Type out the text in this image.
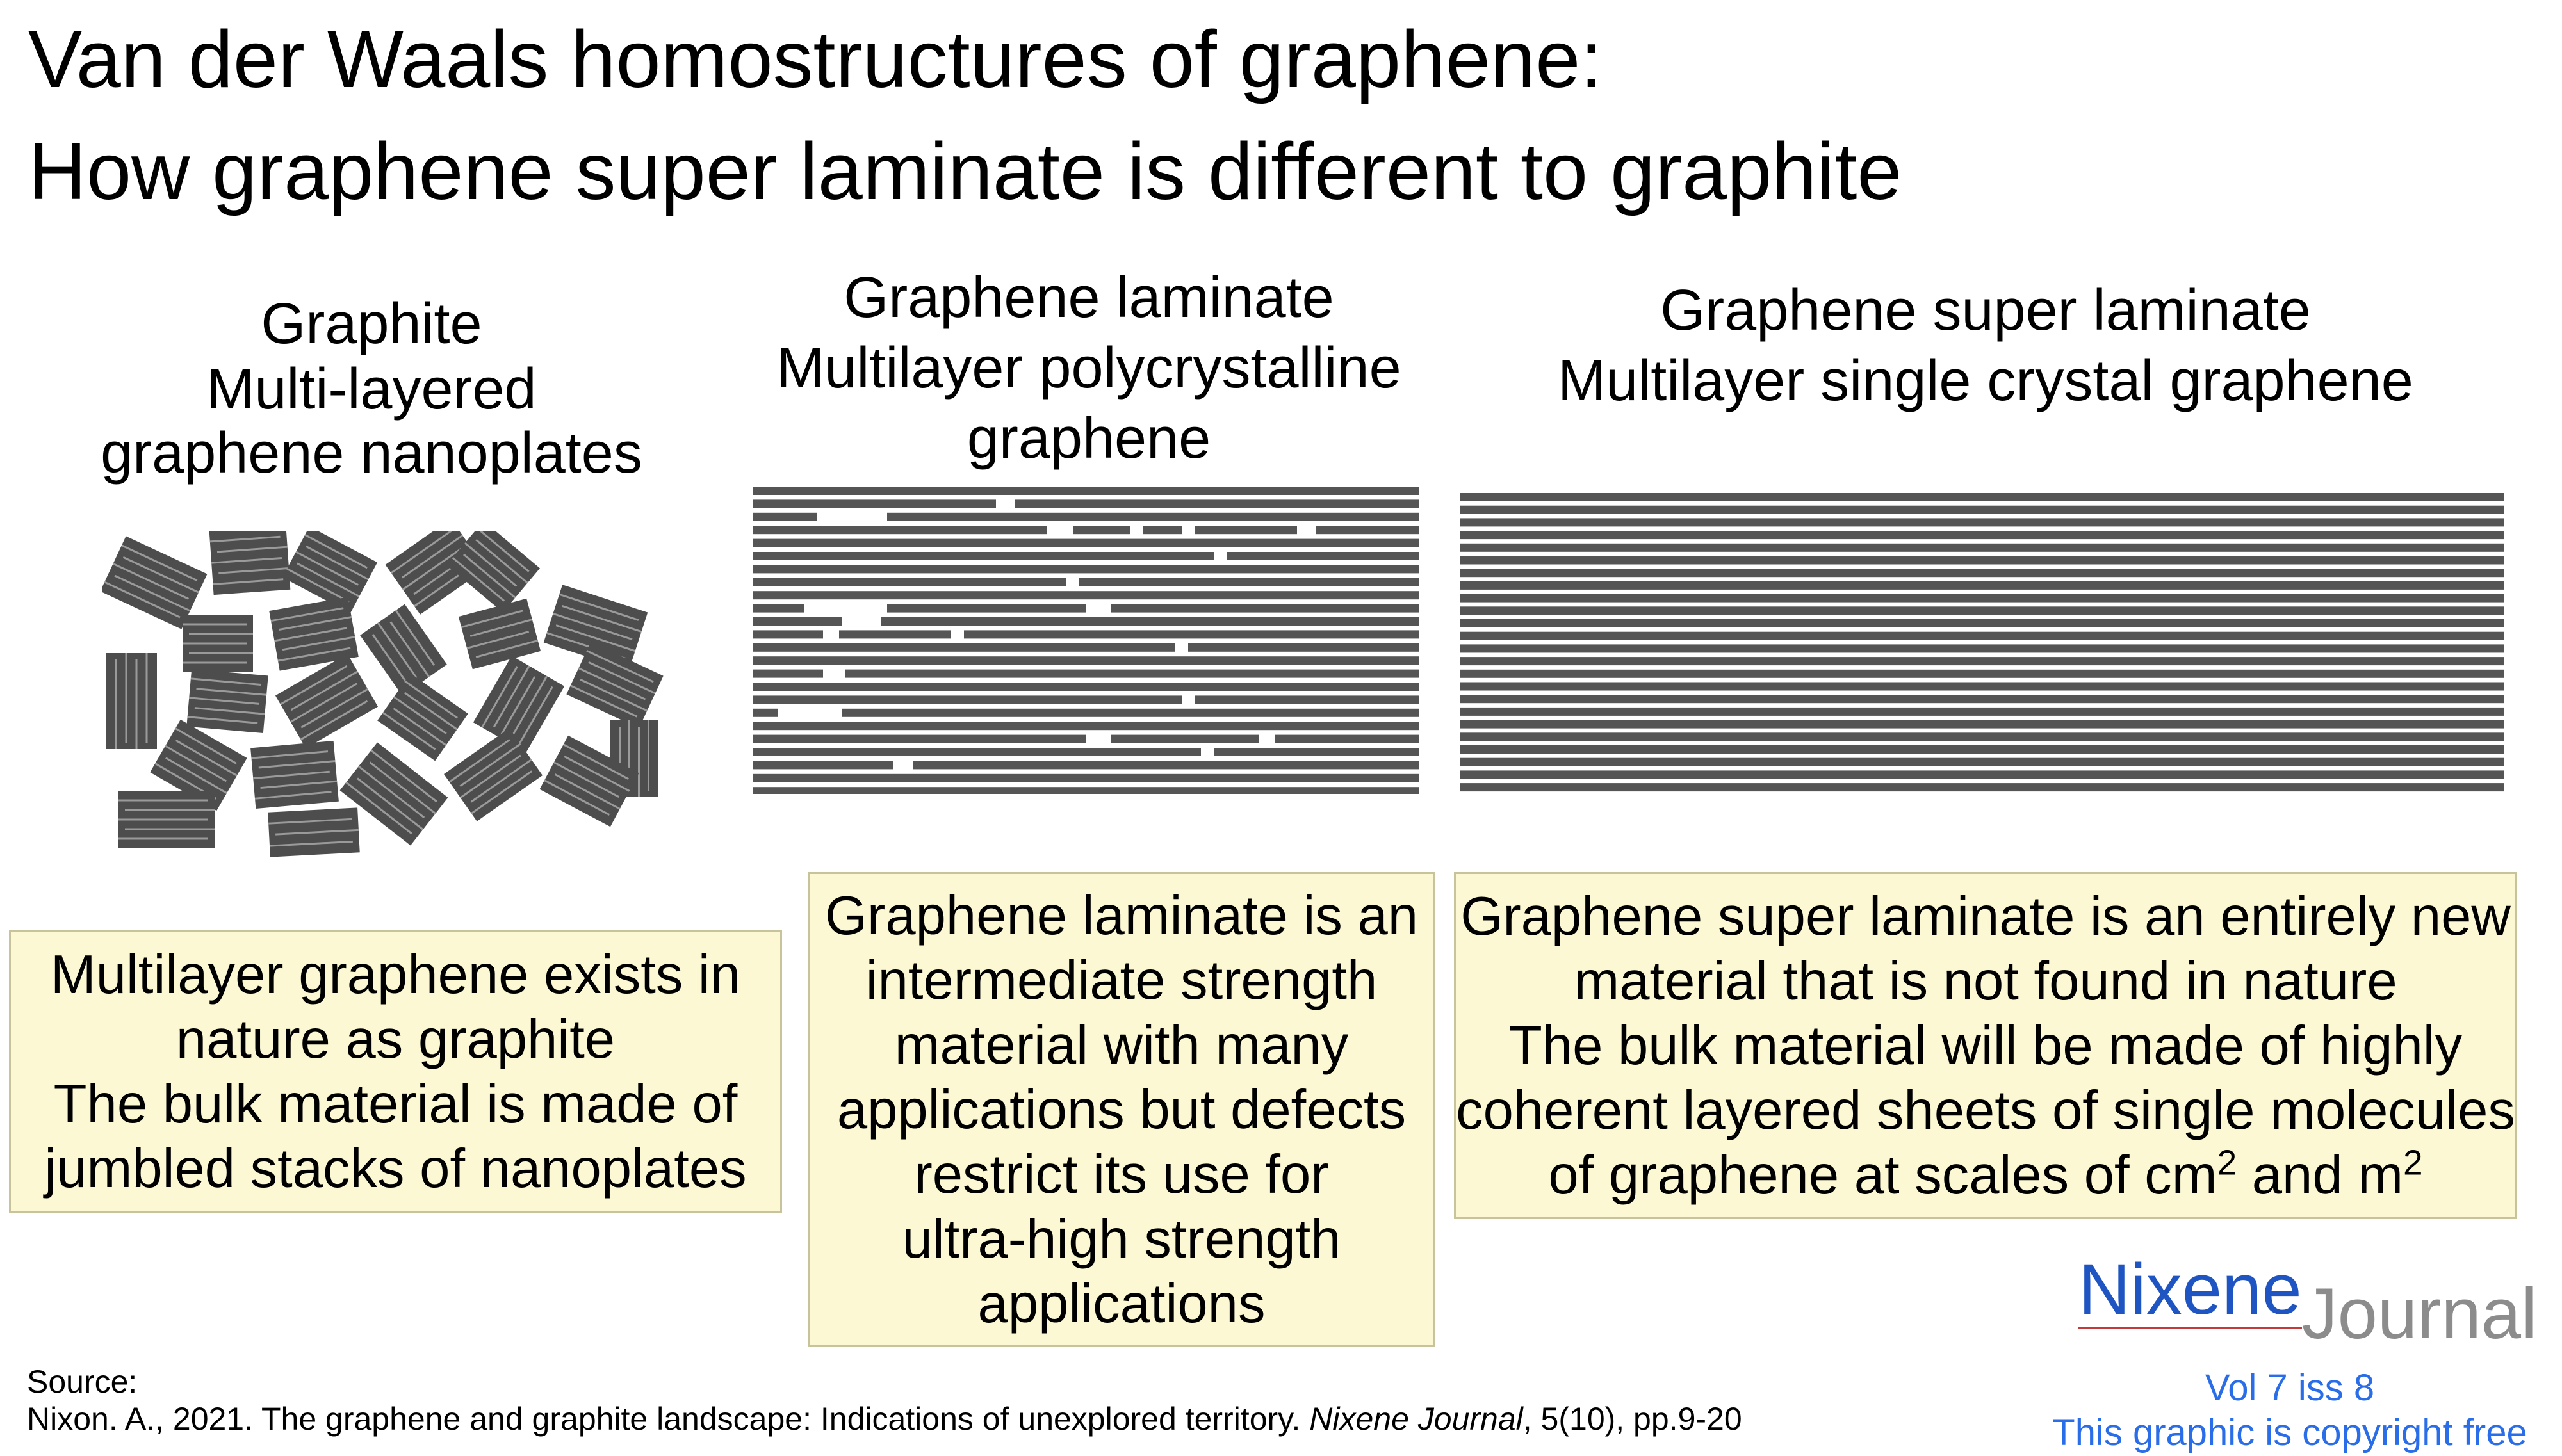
Van der Waals homostructures of graphene:
How graphene super laminate is different to graphite
Graphite
Multi-layered
graphene nanoplates
Graphene laminate
Multilayer polycrystalline
graphene
Graphene super laminate
Multilayer single crystal graphene
Multilayer graphene exists in
nature as graphite
The bulk material is made of
jumbled stacks of nanoplates
Graphene laminate is an
intermediate strength
material with many
applications but defects
restrict its use for
ultra-high strength
applications
Graphene super laminate is an entirely new
material that is not found in nature
The bulk material will be made of highly
coherent layered sheets of single molecules
of graphene at scales of $cm^2$ and $m^2$
Source:
Nixon. A., 2021. The graphene and graphite landscape: Indications of unexplored territory. Nixene Journal, 5(10), pp.9-20
NixeneJournal
Vol 7 iss 8
This graphic is copyright free
